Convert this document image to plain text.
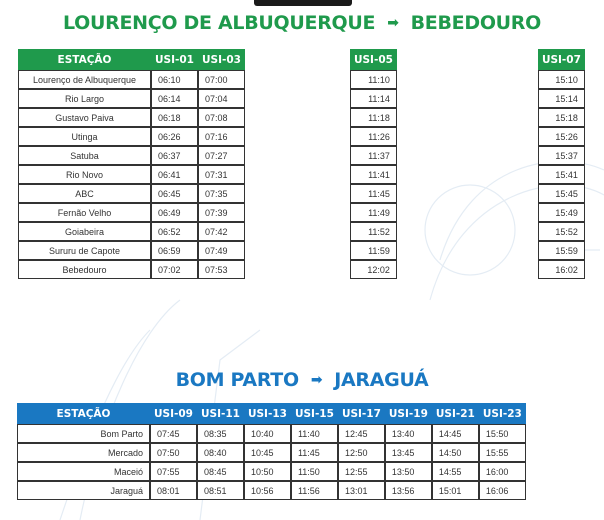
LOURENÇO DE ALBUQUERQUE ➡ BEBEDOURO
ESTAÇÃO	USI-01	USI-03		USI-05		USI-07

Lourenço de Albuquerque	06:10	07:00		11:10		15:10
Rio Largo	06:14	07:04		11:14		15:14
Gustavo Paiva	06:18	07:08		11:18		15:18
Utinga	06:26	07:16		11:26		15:26
Satuba	06:37	07:27		11:37		15:37
Rio Novo	06:41	07:31		11:41		15:41
ABC	06:45	07:35		11:45		15:45
Fernão Velho	06:49	07:39		11:49		15:49
Goiabeira	06:52	07:42		11:52		15:52
Sururu de Capote	06:59	07:49		11:59		15:59
Bebedouro	07:02	07:53		12:02		16:02
BOM PARTO ➡ JARAGUÁ
ESTAÇÃO	USI-09	USI-11	USI-13	USI-15	USI-17	USI-19	USI-21	USI-23

Bom Parto	07:45	08:35	10:40	11:40	12:45	13:40	14:45	15:50
Mercado	07:50	08:40	10:45	11:45	12:50	13:45	14:50	15:55
Maceió	07:55	08:45	10:50	11:50	12:55	13:50	14:55	16:00
Jaraguá	08:01	08:51	10:56	11:56	13:01	13:56	15:01	16:06
